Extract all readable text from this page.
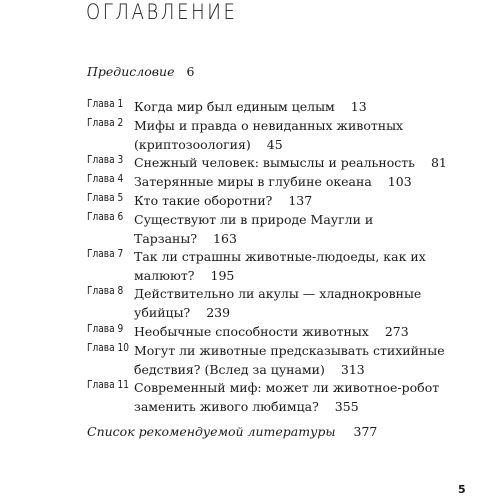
ОГЛАВЛЕНИЕ
Предисловие 6
Глава 1 Когда мир был единым целым 13
Глава 2 Мифы и правда о невиданных животных
(криптозоология) 45
Глава 3 Снежный человек: вымыслы и реальность 81
Глава 4 Затерянные миры в глубине океана 103
Глава 5 Кто такие оборотни? 137
Глава 6 Существуют ли в природе Маугли и
Тарзаны? 163
Глава 7 Так ли страшны животные-людоеды, как их
малюют? 195
Глава 8 Действительно ли акулы — хладнокровные
убийцы? 239
Глава 9 Необычные способности животных 273
Глава 10 Могут ли животные предсказывать стихийные
бедствия? (Вслед за цунами) 313
Глава 11 Современный миф: может ли животное-робот
заменить живого любимца? 355
Список рекомендуемой литературы 377
5
